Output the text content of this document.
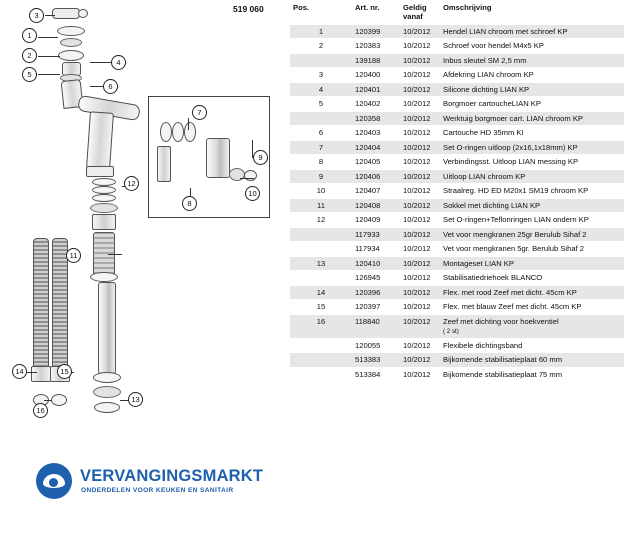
519 060
3
1
2
5
4
6
7
9
12
8
10
11
14	15
16
13
VERVANGINGSMARKT
ONDERDELEN VOOR KEUKEN EN SANITAIR
Pos.	Art. nr.	Geldig vanaf	Omschrijving
1	120399	10/2012	Hendel LIAN chroom met schroef KP
2	120383	10/2012	Schroef voor hendel M4x5 KP
	139188	10/2012	Inbus sleutel SM 2,5 mm
3	120400	10/2012	Afdekring LIAN chroom KP
4	120401	10/2012	Silicone dichting LIAN KP
5	120402	10/2012	Borgmoer cartoucheLIAN KP
	120358	10/2012	Werktuig borgmoer cart. LIAN chroom KP
6	120403	10/2012	Cartouche HD 35mm KI
7	120404	10/2012	Set O-ringen uitloop (2x16,1x18mm) KP
8	120405	10/2012	Verbindingsst. Uitloop LIAN messing KP
9	120406	10/2012	Uitloop LIAN chroom KP
10	120407	10/2012	Straalreg. HD ED M20x1 SM19 chroom KP
11	120408	10/2012	Sokkel met dichting LIAN KP
12	120409	10/2012	Set O-ringen+Teflonringen LIAN ondern KP
	117933	10/2012	Vet voor mengkranen 25gr Berulub Sihaf 2
	117934	10/2012	Vet voor mengkranen 5gr. Berulub Sihaf 2
13	120410	10/2012	Montageset LIAN KP
	126945	10/2012	Stabilisatiedriehoek BLANCO
14	120396	10/2012	Flex. met rood Zeef met dicht. 45cm KP
15	120397	10/2012	Flex. met blauw Zeef met dicht. 45cm KP
16	118840	10/2012	Zeef met dichting voor hoekventiel
( 2 st)
	120055	10/2012	Flexibele dichtingsband
	513383	10/2012	Bijkomende stabilisatieplaat 60 mm
	513384	10/2012	Bijkomende stabilisatieplaat 75 mm
